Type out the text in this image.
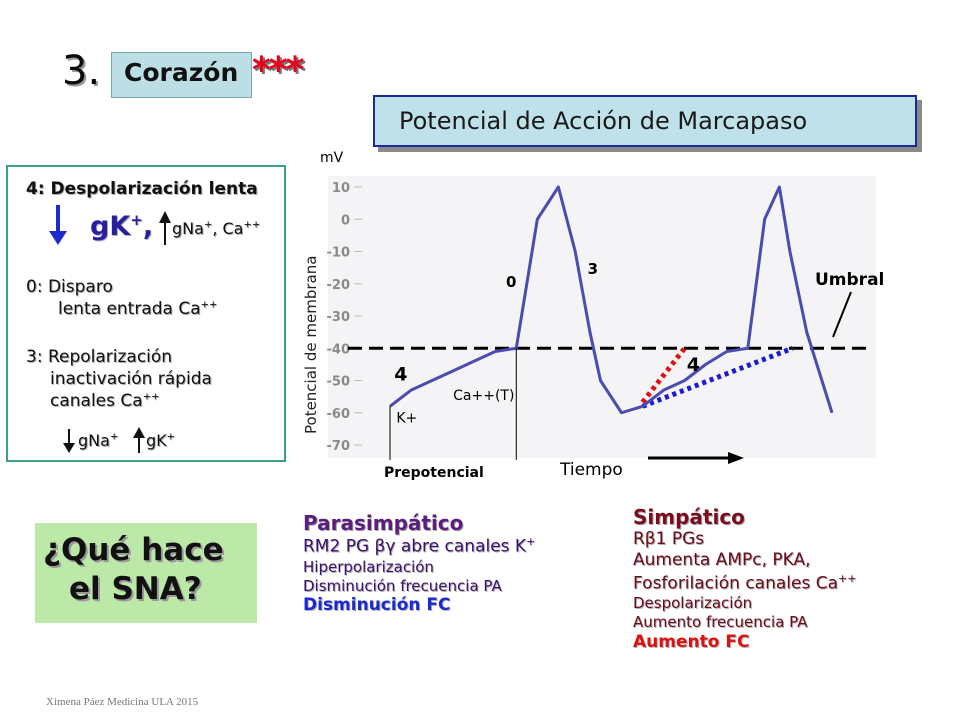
3. Corazón ***
Potencial de Acción de Marcapaso
4: Despolarización lenta
gK+, gNa+, Ca++
0: Disparo
lenta entrada Ca++
3: Repolarización
inactivación rápida
canales Ca++
gNa+ gK+
¿Qué hace
el SNA?
mV
Potencial de membrana
10
0
-10
-20
-30
-40
-50
-60
-70
K+
Ca++(T)
4
0
3
4
Umbral
Prepotencial	Tiempo
Parasimpático
RM2 PG βγ abre canales K+
Hiperpolarización
Disminución frecuencia PA
Disminución FC
Simpático
Rβ1 PGs
Aumenta AMPc, PKA,
Fosforilación canales Ca++
Despolarización
Aumento frecuencia PA
Aumento FC
Ximena Páez Medicina ULA 2015
